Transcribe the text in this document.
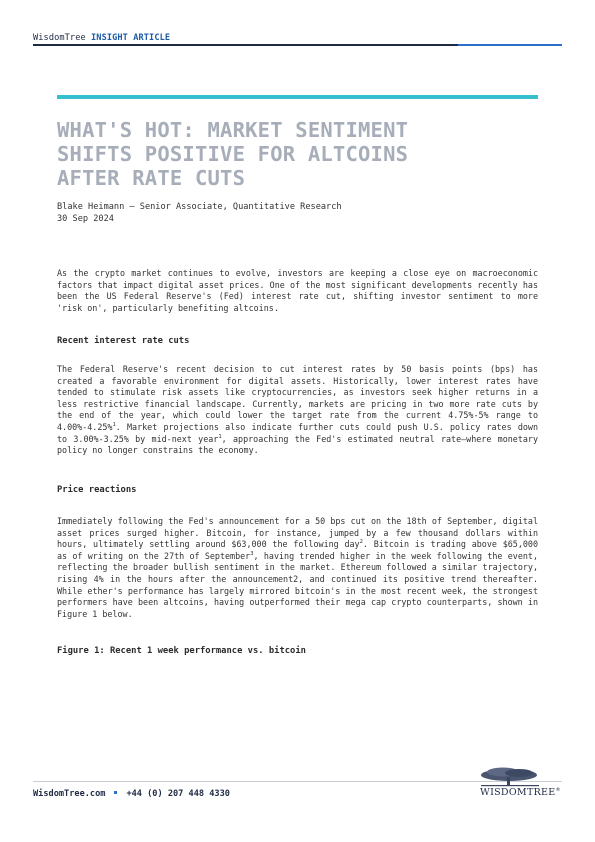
WisdomTree INSIGHT ARTICLE
WHAT'S HOT: MARKET SENTIMENT
SHIFTS POSITIVE FOR ALTCOINS
AFTER RATE CUTS
Blake Heimann – Senior Associate, Quantitative Research
30 Sep 2024
As the crypto market continues to evolve, investors are keeping a close eye on macroeconomic factors that impact digital asset prices. One of the most significant developments recently has been the US Federal Reserve's (Fed) interest rate cut, shifting investor sentiment to more 'risk on', particularly benefiting altcoins.
Recent interest rate cuts
The Federal Reserve's recent decision to cut interest rates by 50 basis points (bps) has created a favorable environment for digital assets. Historically, lower interest rates have tended to stimulate risk assets like cryptocurrencies, as investors seek higher returns in a less restrictive financial landscape. Currently, markets are pricing in two more rate cuts by the end of the year, which could lower the target rate from the current 4.75%-5% range to 4.00%-4.25%$^1$. Market projections also indicate further cuts could push U.S. policy rates down to 3.00%-3.25% by mid-next year$^1$, approaching the Fed's estimated neutral rate—where monetary policy no longer constrains the economy.
Price reactions
Immediately following the Fed's announcement for a 50 bps cut on the 18th of September, digital asset prices surged higher. Bitcoin, for instance, jumped by a few thousand dollars within hours, ultimately settling around $63,000 the following day$^2$. Bitcoin is trading above $65,000 as of writing on the 27th of September$^3$, having trended higher in the week following the event, reflecting the broader bullish sentiment in the market. Ethereum followed a similar trajectory, rising 4% in the hours after the announcement2, and continued its positive trend thereafter. While ether's performance has largely mirrored bitcoin's in the most recent week, the strongest performers have been altcoins, having outperformed their mega cap crypto counterparts, shown in Figure 1 below.
Figure 1: Recent 1 week performance vs. bitcoin
WisdomTree.com +44 (0) 207 448 4330	WISDOMTREE®
